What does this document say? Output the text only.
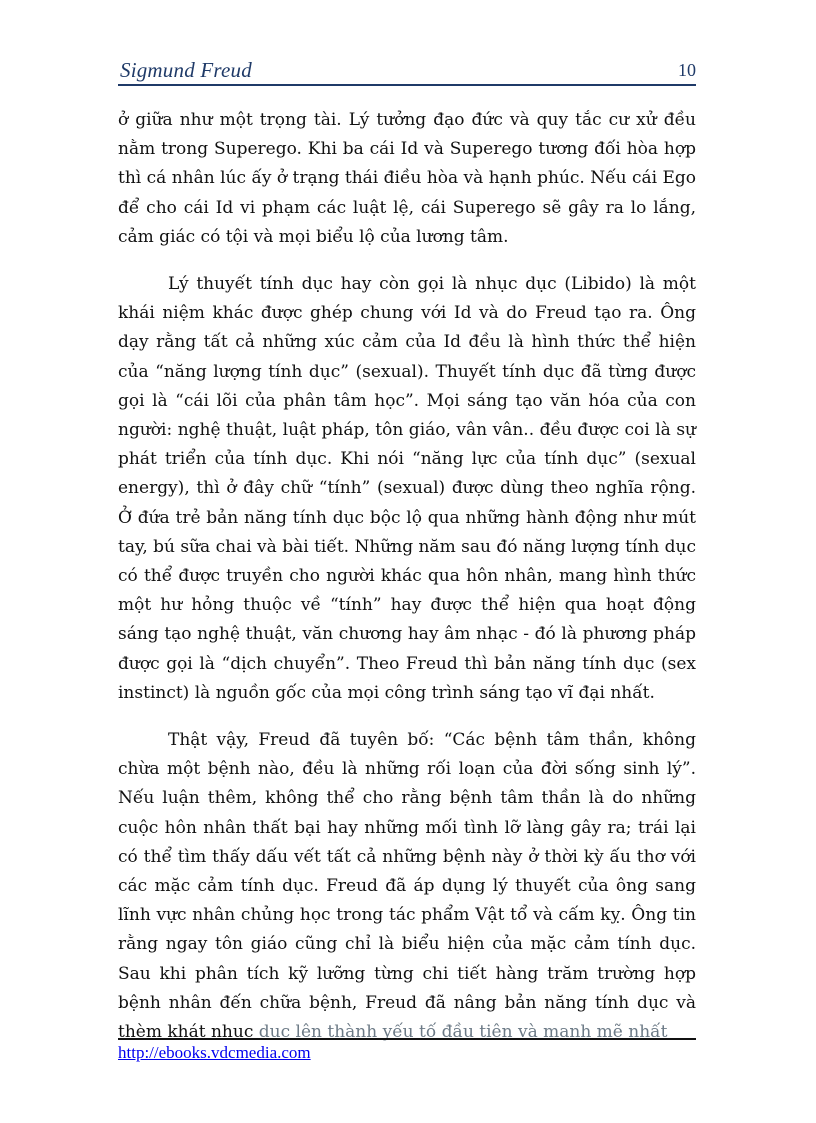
Sigmund Freud	10

ở giữa như một trọng tài. Lý tưởng đạo đức và quy tắc cư xử đều nằm trong Superego. Khi ba cái Id và Superego tương đối hòa hợp thì cá nhân lúc ấy ở trạng thái điều hòa và hạnh phúc. Nếu cái Ego để cho cái Id vi phạm các luật lệ, cái Superego sẽ gây ra lo lắng, cảm giác có tội và mọi biểu lộ của lương tâm.

Lý thuyết tính dục hay còn gọi là nhục dục (Libido) là một khái niệm khác được ghép chung với Id và do Freud tạo ra. Ông dạy rằng tất cả những xúc cảm của Id đều là hình thức thể hiện của “năng lượng tính dục” (sexual). Thuyết tính dục đã từng được gọi là “cái lõi của phân tâm học”. Mọi sáng tạo văn hóa của con người: nghệ thuật, luật pháp, tôn giáo, vân vân.. đều được coi là sự phát triển của tính dục. Khi nói “năng lực của tính dục” (sexual energy), thì ở đây chữ “tính” (sexual) được dùng theo nghĩa rộng. Ở đứa trẻ bản năng tính dục bộc lộ qua những hành động như mút tay, bú sữa chai và bài tiết. Những năm sau đó năng lượng tính dục có thể được truyền cho người khác qua hôn nhân, mang hình thức một hư hỏng thuộc về “tính” hay được thể hiện qua hoạt động sáng tạo nghệ thuật, văn chương hay âm nhạc - đó là phương pháp được gọi là “dịch chuyển”. Theo Freud thì bản năng tính dục (sex instinct) là nguồn gốc của mọi công trình sáng tạo vĩ đại nhất.

Thật vậy, Freud đã tuyên bố: “Các bệnh tâm thần, không chừa một bệnh nào, đều là những rối loạn của đời sống sinh lý”. Nếu luận thêm, không thể cho rằng bệnh tâm thần là do những cuộc hôn nhân thất bại hay những mối tình lỡ làng gây ra; trái lại có thể tìm thấy dấu vết tất cả những bệnh này ở thời kỳ ấu thơ với các mặc cảm tính dục. Freud đã áp dụng lý thuyết của ông sang lĩnh vực nhân chủng học trong tác phẩm Vật tổ và cấm kỵ. Ông tin rằng ngay tôn giáo cũng chỉ là biểu hiện của mặc cảm tính dục. Sau khi phân tích kỹ lưỡng từng chi tiết hàng trăm trường hợp bệnh nhân đến chữa bệnh, Freud đã nâng bản năng tính dục và thèm khát nhục dục lên thành yếu tố đầu tiên và mạnh mẽ nhất

http://ebooks.vdcmedia.com
